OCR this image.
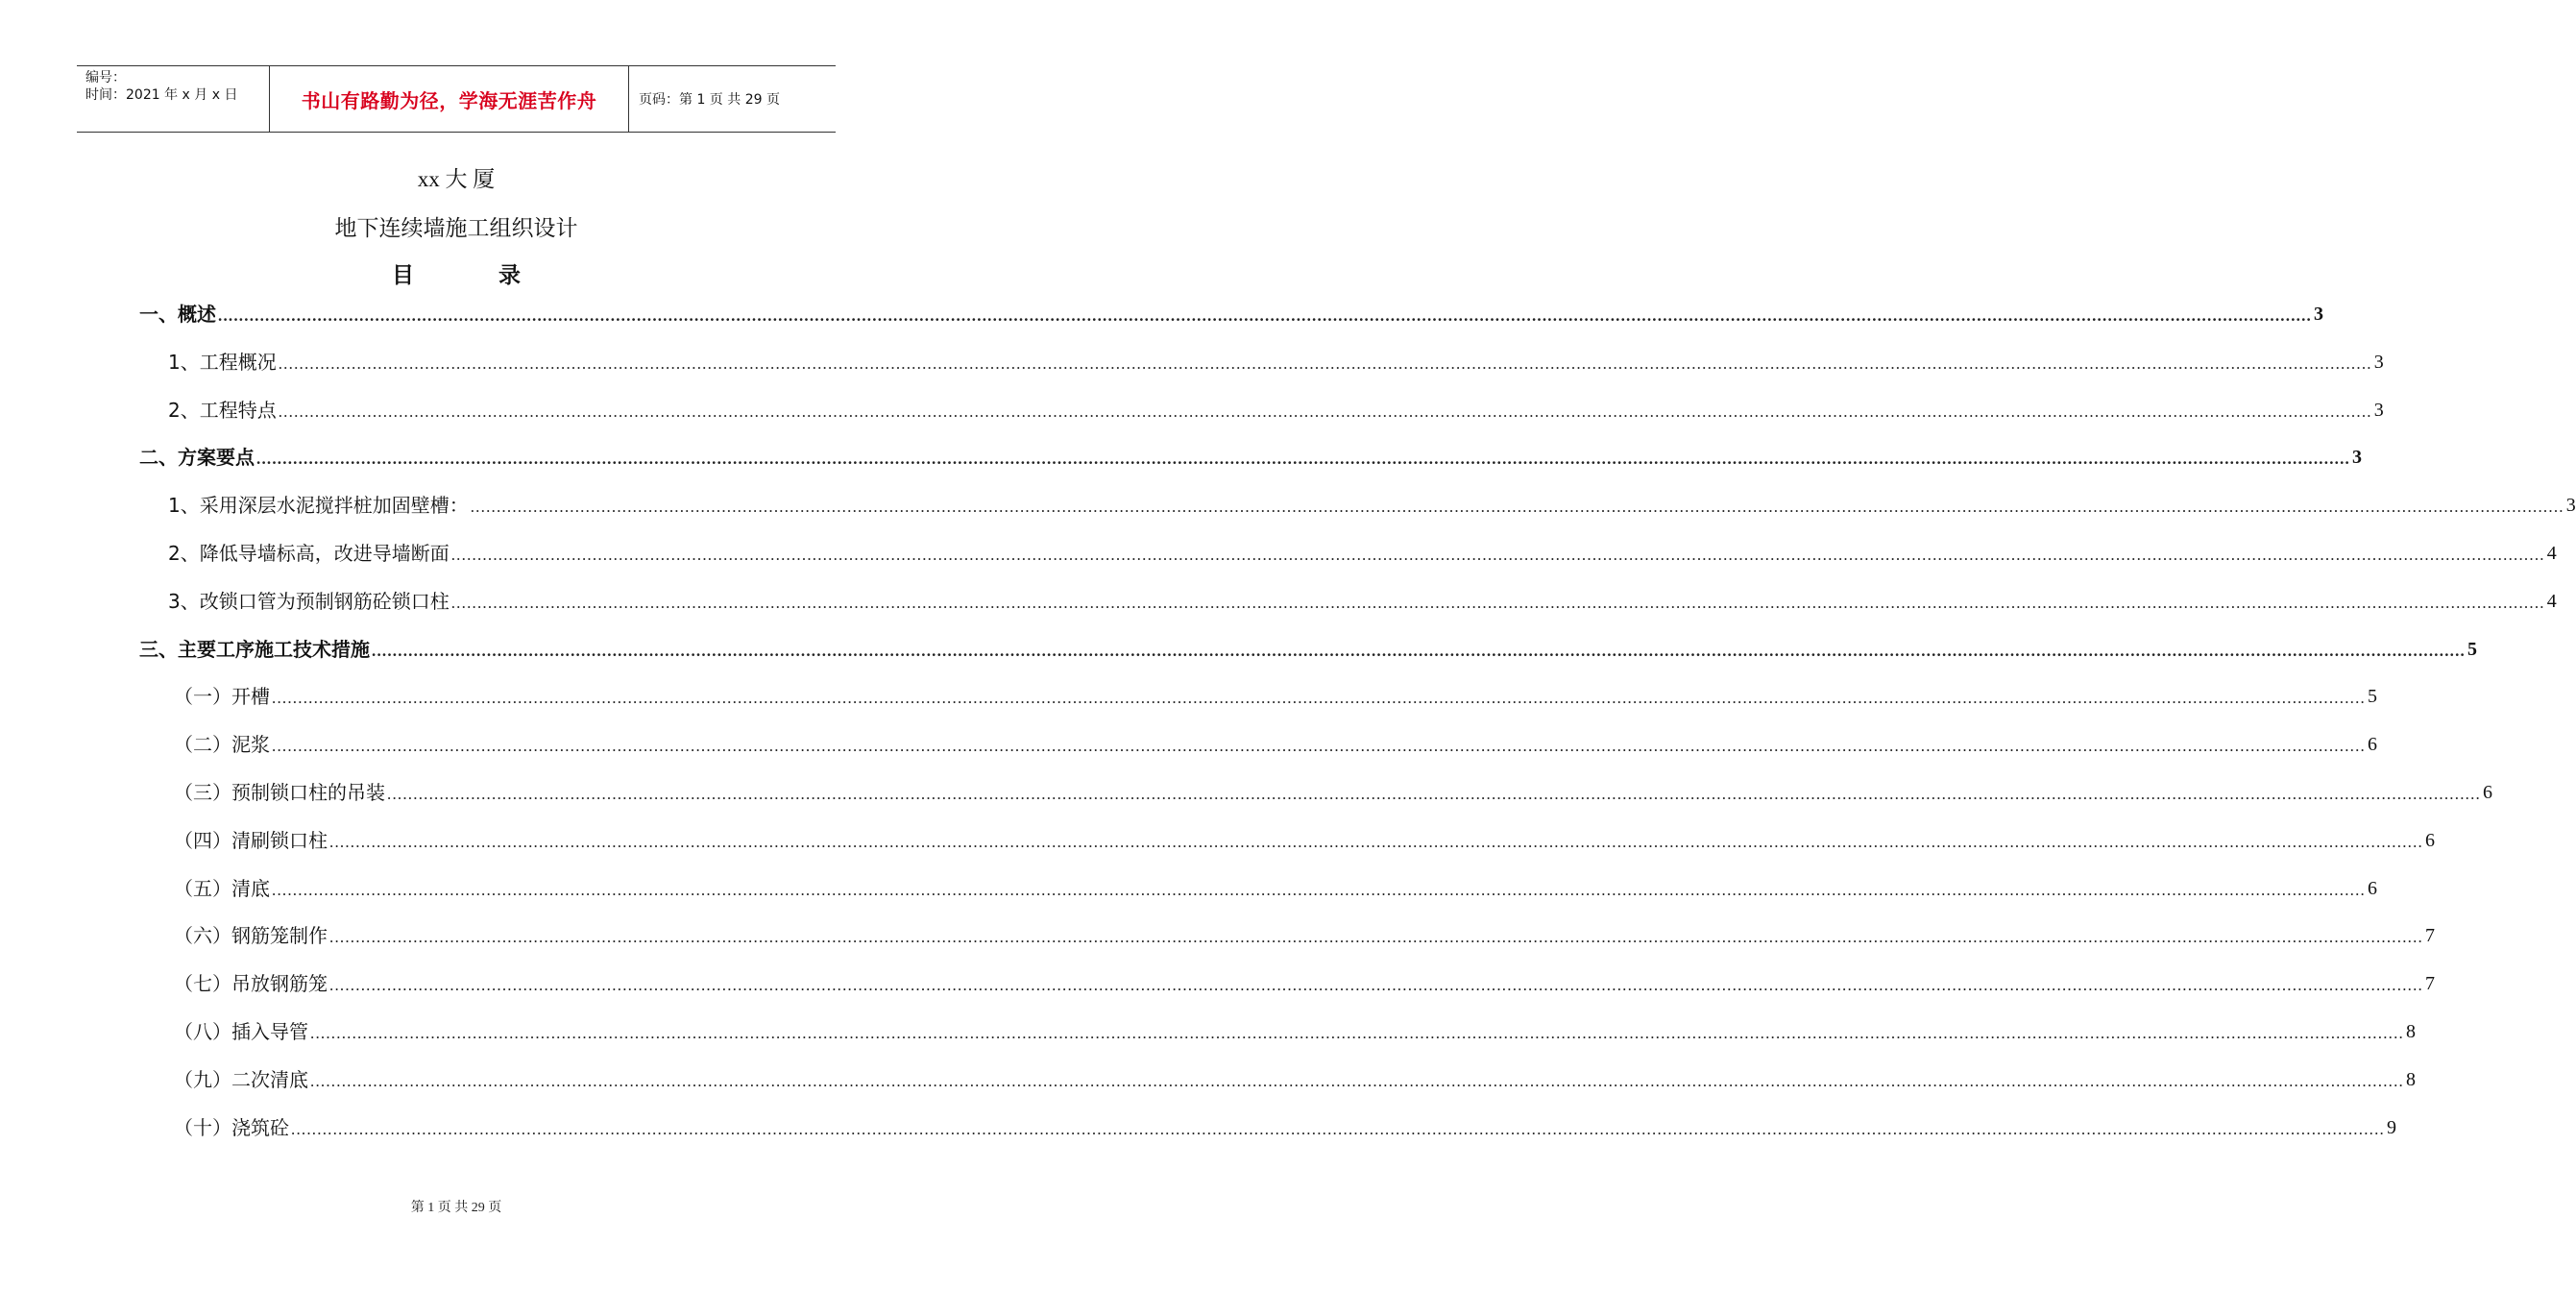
编号：
时间：2021 年 x 月 x 日	书山有路勤为径，学海无涯苦作舟	页码：第 1 页 共 29 页
xx 大 厦
地下连续墙施工组织设计
目	录
一、概述 ................................................................................................................................................................................................................................................................................................................................................................................................................ 3
1、工程概况 ................................................................................................................................................................................................................................................................................................................................................................................................................ 3
2、工程特点 ................................................................................................................................................................................................................................................................................................................................................................................................................ 3
二、方案要点 ................................................................................................................................................................................................................................................................................................................................................................................................................ 3
1、采用深层水泥搅拌桩加固壁槽： ................................................................................................................................................................................................................................................................................................................................................................................................................ 3
2、降低导墙标高，改进导墙断面 ................................................................................................................................................................................................................................................................................................................................................................................................................ 4
3、改锁口管为预制钢筋砼锁口柱 ................................................................................................................................................................................................................................................................................................................................................................................................................ 4
三、主要工序施工技术措施 ................................................................................................................................................................................................................................................................................................................................................................................................................ 5
（一）开槽 ................................................................................................................................................................................................................................................................................................................................................................................................................ 5
（二）泥浆 ................................................................................................................................................................................................................................................................................................................................................................................................................ 6
（三）预制锁口柱的吊装 ................................................................................................................................................................................................................................................................................................................................................................................................................ 6
（四）清刷锁口柱 ................................................................................................................................................................................................................................................................................................................................................................................................................ 6
（五）清底 ................................................................................................................................................................................................................................................................................................................................................................................................................ 6
（六）钢筋笼制作 ................................................................................................................................................................................................................................................................................................................................................................................................................ 7
（七）吊放钢筋笼 ................................................................................................................................................................................................................................................................................................................................................................................................................ 7
（八）插入导管 ................................................................................................................................................................................................................................................................................................................................................................................................................ 8
（九）二次清底 ................................................................................................................................................................................................................................................................................................................................................................................................................ 8
（十）浇筑砼 ................................................................................................................................................................................................................................................................................................................................................................................................................ 9
第 1 页 共 29 页
